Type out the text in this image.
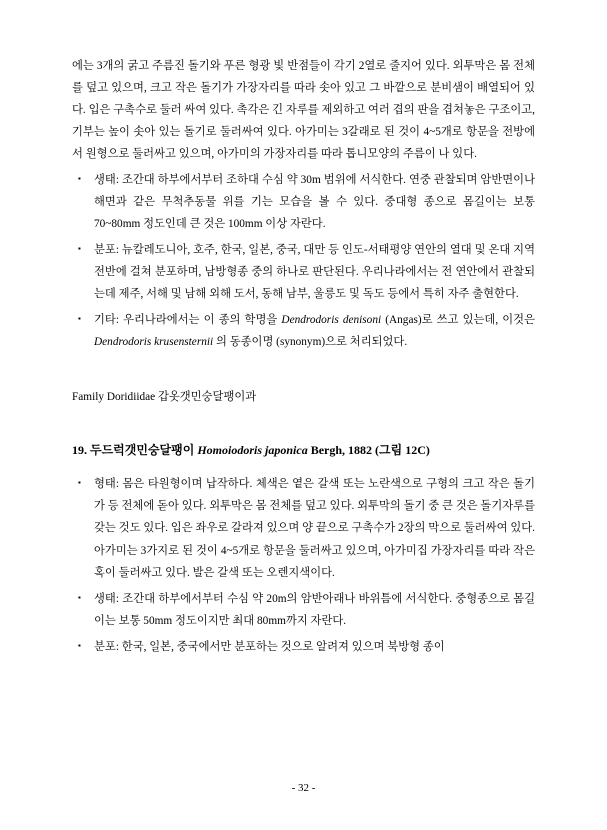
에는 3개의 굵고 주름진 돌기와 푸른 형광 빛 반점들이 각기 2열로 줄지어 있다. 외투막은 몸 전체를 덮고 있으며, 크고 작은 돌기가 가장자리를 따라 솟아 있고 그 바깥으로 분비샘이 배열되어 있다. 입은 구촉수로 둘러 싸여 있다. 촉각은 긴 자루를 제외하고 여러 겹의 판을 겹쳐놓은 구조이고, 기부는 높이 솟아 있는 돌기로 둘러싸여 있다. 아가미는 3갈래로 된 것이 4~5개로 항문을 전방에서 원형으로 둘러싸고 있으며, 아가미의 가장자리를 따라 톱니모양의 주름이 나 있다.

▪	생태: 조간대 하부에서부터 조하대 수심 약 30m 범위에 서식한다. 연중 관찰되며 암반면이나 해면과 같은 무척추동물 위를 기는 모습을 볼 수 있다. 중대형 종으로 몸길이는 보통 70~80mm 정도인데 큰 것은 100mm 이상 자란다.
▪	분포: 뉴칼레도니아, 호주, 한국, 일본, 중국, 대만 등 인도-서태평양 연안의 열대 및 온대 지역 전반에 걸쳐 분포하며, 남방형종 중의 하나로 판단된다. 우리나라에서는 전 연안에서 관찰되는데 제주, 서해 및 남해 외해 도서, 동해 남부, 울릉도 및 독도 등에서 특히 자주 출현한다.
▪	기타: 우리나라에서는 이 종의 학명을 Dendrodoris denisoni (Angas)로 쓰고 있는데, 이것은 Dendrodoris krusensternii 의 동종이명 (synonym)으로 처리되었다.

Family Doridiidae 갑옷갯민숭달팽이과

19. 두드럭갯민숭달팽이 Homoiodoris japonica Bergh, 1882 (그림 12C)

▪	형태: 몸은 타원형이며 납작하다. 체색은 옅은 갈색 또는 노란색으로 구형의 크고 작은 돌기가 등 전체에 돋아 있다. 외투막은 몸 전체를 덮고 있다. 외투막의 돌기 중 큰 것은 돌기자루를 갖는 것도 있다. 입은 좌우로 갈라져 있으며 양 끝으로 구촉수가 2장의 막으로 둘러싸여 있다. 아가미는 3가지로 된 것이 4~5개로 항문을 둘러싸고 있으며, 아가미집 가장자리를 따라 작은 혹이 둘러싸고 있다. 발은 갈색 또는 오렌지색이다.
▪	생태: 조간대 하부에서부터 수심 약 20m의 암반아래나 바위틈에 서식한다. 중형종으로 몸길이는 보통 50mm 정도이지만 최대 80mm까지 자란다.
▪	분포: 한국, 일본, 중국에서만 분포하는 것으로 알려져 있으며 북방형 종이
- 32 -
